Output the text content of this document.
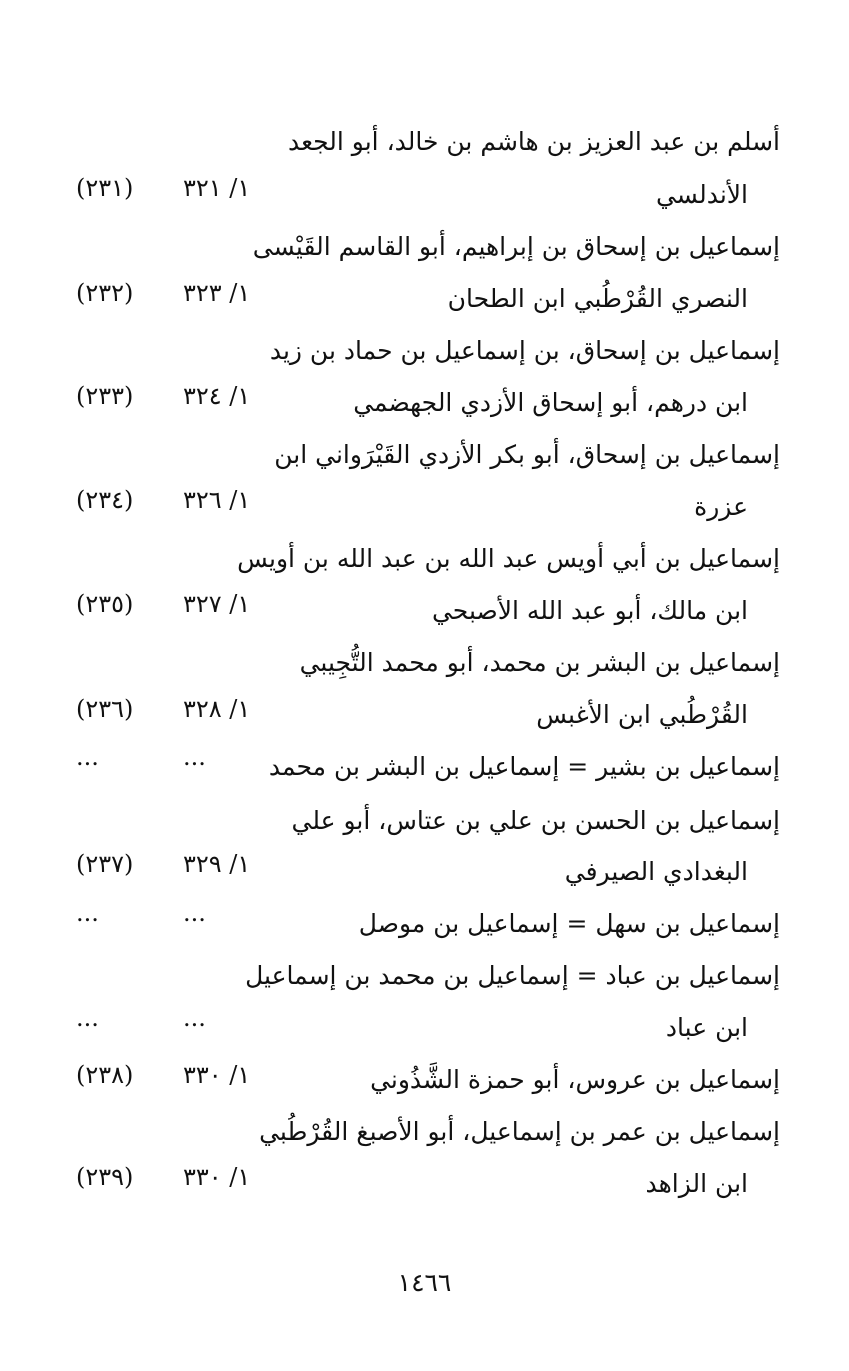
أسلم بن عبد العزيز بن هاشم بن خالد، أبو الجعد
الأندلسي
١/ ٣٢١
(٢٣١)
إسماعيل بن إسحاق بن إبراهيم، أبو القاسم القَيْسى
النصري القُرْطُبي ابن الطحان
١/ ٣٢٣
(٢٣٢)
إسماعيل بن إسحاق، بن إسماعيل بن حماد بن زيد
ابن درهم، أبو إسحاق الأزدي الجهضمي
١/ ٣٢٤
(٢٣٣)
إسماعيل بن إسحاق، أبو بكر الأزدي القَيْرَواني ابن
عزرة
١/ ٣٢٦
(٢٣٤)
إسماعيل بن أبي أويس عبد الله بن عبد الله بن أويس
ابن مالك، أبو عبد الله الأصبحي
١/ ٣٢٧
(٢٣٥)
إسماعيل بن البشر بن محمد، أبو محمد التُّجِيبي
القُرْطُبي ابن الأغبس
١/ ٣٢٨
(٢٣٦)
إسماعيل بن بشير = إسماعيل بن البشر بن محمد
...
...
إسماعيل بن الحسن بن علي بن عتاس، أبو علي
البغدادي الصيرفي
١/ ٣٢٩
(٢٣٧)
إسماعيل بن سهل = إسماعيل بن موصل
...
...
إسماعيل بن عباد = إسماعيل بن محمد بن إسماعيل
ابن عباد
...
...
إسماعيل بن عروس، أبو حمزة الشَّذُوني
١/ ٣٣٠
(٢٣٨)
إسماعيل بن عمر بن إسماعيل، أبو الأصبغ القُرْطُبي
ابن الزاهد
١/ ٣٣٠
(٢٣٩)
١٤٦٦
